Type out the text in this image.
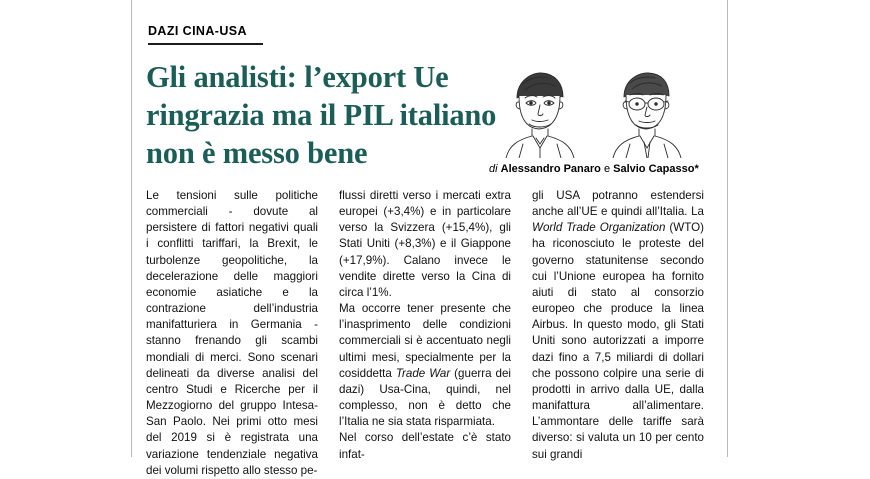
DAZI CINA-USA
Gli analisti: l’export Ue
ringrazia ma il PIL italiano
non è messo bene	di Alessandro Panaro e Salvio Capasso*

Le tensioni sulle politiche commerciali - dovute al persistere di fattori negativi quali i conflitti tariffari, la Brexit, le turbolenze geopolitiche, la decelerazione delle maggiori economie asiatiche e la contrazione dell’industria manifatturiera in Germania - stanno frenando gli scambi mondiali di merci. Sono scenari delineati da diverse analisi del centro Studi e Ricerche per il Mezzogiorno del gruppo Intesa-San Paolo. Nei primi otto mesi del 2019 si è registrata una variazione tendenziale negativa dei volumi rispetto allo stesso pe-

flussi diretti verso i mercati extra europei (+3,4%) e in particolare verso la Svizzera (+15,4%), gli Stati Uniti (+8,3%) e il Giappone (+17,9%). Calano invece le vendite dirette verso la Cina di circa l’1%.

Ma occorre tener presente che l’inasprimento delle condizioni commerciali si è accentuato negli ultimi mesi, specialmente per la cosiddetta Trade War (guerra dei dazi) Usa-Cina, quindi, nel complesso, non è detto che l’Italia ne sia stata risparmiata.

Nel corso dell’estate c’è stato infat-

gli USA potranno estendersi anche all’UE e quindi all’Italia. La World Trade Organization (WTO) ha riconosciuto le proteste del governo statunitense secondo cui l’Unione europea ha fornito aiuti di stato al consorzio europeo che produce la linea Airbus. In questo modo, gli Stati Uniti sono autorizzati a imporre dazi fino a 7,5 miliardi di dollari che possono colpire una serie di prodotti in arrivo dalla UE, dalla manifattura all’alimentare. L’ammontare delle tariffe sarà diverso: si valuta un 10 per cento sui grandi
